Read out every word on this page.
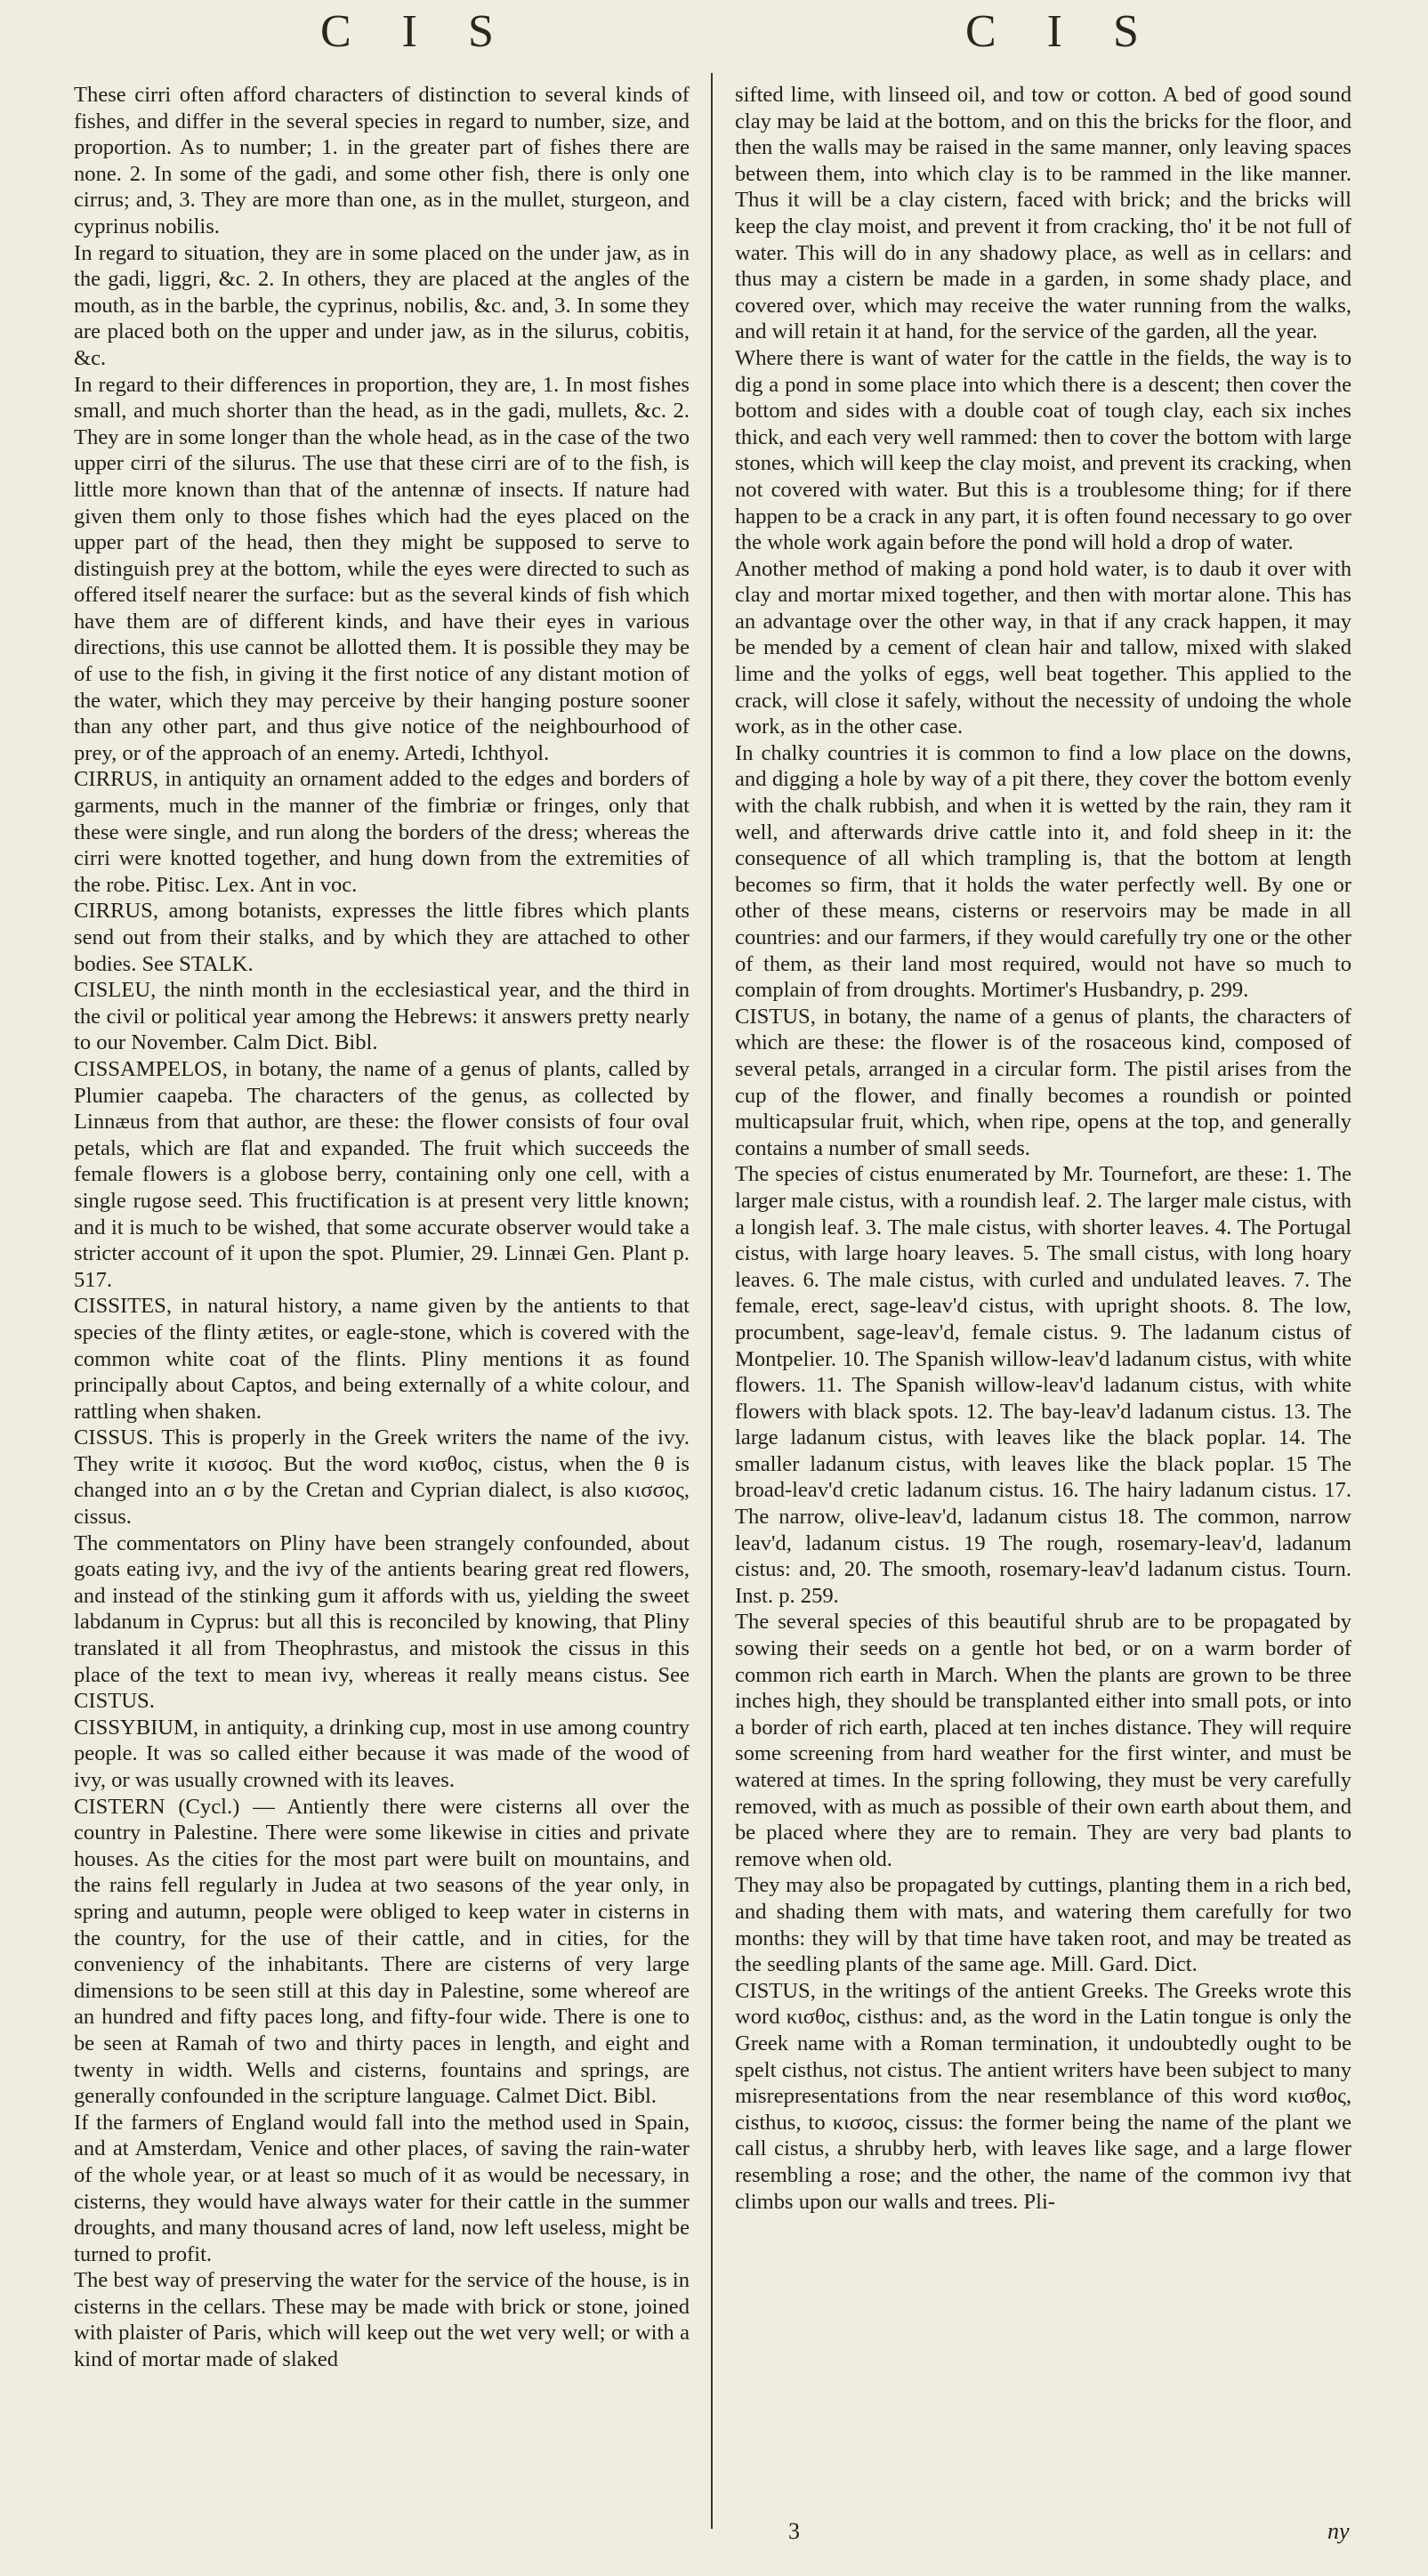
C I S	C I S

These cirri often afford characters of distinction to several kinds of fishes, and differ in the several species in regard to number, size, and proportion. As to number; 1. in the greater part of fishes there are none. 2. In some of the gadi, and some other fish, there is only one cirrus; and, 3. They are more than one, as in the mullet, sturgeon, and cyprinus nobilis.

In regard to situation, they are in some placed on the under jaw, as in the gadi, liggri, &c. 2. In others, they are placed at the angles of the mouth, as in the barble, the cyprinus, nobilis, &c. and, 3. In some they are placed both on the upper and under jaw, as in the silurus, cobitis, &c.

In regard to their differences in proportion, they are, 1. In most fishes small, and much shorter than the head, as in the gadi, mullets, &c. 2. They are in some longer than the whole head, as in the case of the two upper cirri of the silurus. The use that these cirri are of to the fish, is little more known than that of the antennæ of insects. If nature had given them only to those fishes which had the eyes placed on the upper part of the head, then they might be supposed to serve to distinguish prey at the bottom, while the eyes were directed to such as offered itself nearer the surface: but as the several kinds of fish which have them are of different kinds, and have their eyes in various directions, this use cannot be allotted them. It is possible they may be of use to the fish, in giving it the first notice of any distant motion of the water, which they may perceive by their hanging posture sooner than any other part, and thus give notice of the neighbourhood of prey, or of the approach of an enemy. Artedi, Ichthyol.

CIRRUS, in antiquity an ornament added to the edges and borders of garments, much in the manner of the fimbriæ or fringes, only that these were single, and run along the borders of the dress; whereas the cirri were knotted together, and hung down from the extremities of the robe. Pitisc. Lex. Ant in voc.

CIRRUS, among botanists, expresses the little fibres which plants send out from their stalks, and by which they are attached to other bodies. See STALK.

CISLEU, the ninth month in the ecclesiastical year, and the third in the civil or political year among the Hebrews: it answers pretty nearly to our November. Calm Dict. Bibl.

CISSAMPELOS, in botany, the name of a genus of plants, called by Plumier caapeba. The characters of the genus, as collected by Linnæus from that author, are these: the flower consists of four oval petals, which are flat and expanded. The fruit which succeeds the female flowers is a globose berry, containing only one cell, with a single rugose seed. This fructification is at present very little known; and it is much to be wished, that some accurate observer would take a stricter account of it upon the spot. Plumier, 29. Linnæi Gen. Plant p. 517.

CISSITES, in natural history, a name given by the antients to that species of the flinty ætites, or eagle-stone, which is covered with the common white coat of the flints. Pliny mentions it as found principally about Captos, and being externally of a white colour, and rattling when shaken.

CISSUS. This is properly in the Greek writers the name of the ivy. They write it κισσος. But the word κισθος, cistus, when the θ is changed into an σ by the Cretan and Cyprian dialect, is also κισσος, cissus.

The commentators on Pliny have been strangely confounded, about goats eating ivy, and the ivy of the antients bearing great red flowers, and instead of the stinking gum it affords with us, yielding the sweet labdanum in Cyprus: but all this is reconciled by knowing, that Pliny translated it all from Theophrastus, and mistook the cissus in this place of the text to mean ivy, whereas it really means cistus. See CISTUS.

CISSYBIUM, in antiquity, a drinking cup, most in use among country people. It was so called either because it was made of the wood of ivy, or was usually crowned with its leaves.

CISTERN (Cycl.) — Antiently there were cisterns all over the country in Palestine. There were some likewise in cities and private houses. As the cities for the most part were built on mountains, and the rains fell regularly in Judea at two seasons of the year only, in spring and autumn, people were obliged to keep water in cisterns in the country, for the use of their cattle, and in cities, for the conveniency of the inhabitants. There are cisterns of very large dimensions to be seen still at this day in Palestine, some whereof are an hundred and fifty paces long, and fifty-four wide. There is one to be seen at Ramah of two and thirty paces in length, and eight and twenty in width. Wells and cisterns, fountains and springs, are generally confounded in the scripture language. Calmet Dict. Bibl.

If the farmers of England would fall into the method used in Spain, and at Amsterdam, Venice and other places, of saving the rain-water of the whole year, or at least so much of it as would be necessary, in cisterns, they would have always water for their cattle in the summer droughts, and many thousand acres of land, now left useless, might be turned to profit.

The best way of preserving the water for the service of the house, is in cisterns in the cellars. These may be made with brick or stone, joined with plaister of Paris, which will keep out the wet very well; or with a kind of mortar made of slaked

sifted lime, with linseed oil, and tow or cotton. A bed of good sound clay may be laid at the bottom, and on this the bricks for the floor, and then the walls may be raised in the same manner, only leaving spaces between them, into which clay is to be rammed in the like manner. Thus it will be a clay cistern, faced with brick; and the bricks will keep the clay moist, and prevent it from cracking, tho' it be not full of water. This will do in any shadowy place, as well as in cellars: and thus may a cistern be made in a garden, in some shady place, and covered over, which may receive the water running from the walks, and will retain it at hand, for the service of the garden, all the year.

Where there is want of water for the cattle in the fields, the way is to dig a pond in some place into which there is a descent; then cover the bottom and sides with a double coat of tough clay, each six inches thick, and each very well rammed: then to cover the bottom with large stones, which will keep the clay moist, and prevent its cracking, when not covered with water. But this is a troublesome thing; for if there happen to be a crack in any part, it is often found necessary to go over the whole work again before the pond will hold a drop of water.

Another method of making a pond hold water, is to daub it over with clay and mortar mixed together, and then with mortar alone. This has an advantage over the other way, in that if any crack happen, it may be mended by a cement of clean hair and tallow, mixed with slaked lime and the yolks of eggs, well beat together. This applied to the crack, will close it safely, without the necessity of undoing the whole work, as in the other case.

In chalky countries it is common to find a low place on the downs, and digging a hole by way of a pit there, they cover the bottom evenly with the chalk rubbish, and when it is wetted by the rain, they ram it well, and afterwards drive cattle into it, and fold sheep in it: the consequence of all which trampling is, that the bottom at length becomes so firm, that it holds the water perfectly well. By one or other of these means, cisterns or reservoirs may be made in all countries: and our farmers, if they would carefully try one or the other of them, as their land most required, would not have so much to complain of from droughts. Mortimer's Husbandry, p. 299.

CISTUS, in botany, the name of a genus of plants, the characters of which are these: the flower is of the rosaceous kind, composed of several petals, arranged in a circular form. The pistil arises from the cup of the flower, and finally becomes a roundish or pointed multicapsular fruit, which, when ripe, opens at the top, and generally contains a number of small seeds.

The species of cistus enumerated by Mr. Tournefort, are these: 1. The larger male cistus, with a roundish leaf. 2. The larger male cistus, with a longish leaf. 3. The male cistus, with shorter leaves. 4. The Portugal cistus, with large hoary leaves. 5. The small cistus, with long hoary leaves. 6. The male cistus, with curled and undulated leaves. 7. The female, erect, sage-leav'd cistus, with upright shoots. 8. The low, procumbent, sage-leav'd, female cistus. 9. The ladanum cistus of Montpelier. 10. The Spanish willow-leav'd ladanum cistus, with white flowers. 11. The Spanish willow-leav'd ladanum cistus, with white flowers with black spots. 12. The bay-leav'd ladanum cistus. 13. The large ladanum cistus, with leaves like the black poplar. 14. The smaller ladanum cistus, with leaves like the black poplar. 15 The broad-leav'd cretic ladanum cistus. 16. The hairy ladanum cistus. 17. The narrow, olive-leav'd, ladanum cistus 18. The common, narrow leav'd, ladanum cistus. 19 The rough, rosemary-leav'd, ladanum cistus: and, 20. The smooth, rosemary-leav'd ladanum cistus. Tourn. Inst. p. 259.

The several species of this beautiful shrub are to be propagated by sowing their seeds on a gentle hot bed, or on a warm border of common rich earth in March. When the plants are grown to be three inches high, they should be transplanted either into small pots, or into a border of rich earth, placed at ten inches distance. They will require some screening from hard weather for the first winter, and must be watered at times. In the spring following, they must be very carefully removed, with as much as possible of their own earth about them, and be placed where they are to remain. They are very bad plants to remove when old.

They may also be propagated by cuttings, planting them in a rich bed, and shading them with mats, and watering them carefully for two months: they will by that time have taken root, and may be treated as the seedling plants of the same age. Mill. Gard. Dict.

CISTUS, in the writings of the antient Greeks. The Greeks wrote this word κισθος, cisthus: and, as the word in the Latin tongue is only the Greek name with a Roman termination, it undoubtedly ought to be spelt cisthus, not cistus. The antient writers have been subject to many misrepresentations from the near resemblance of this word κισθος, cisthus, to κισσος, cissus: the former being the name of the plant we call cistus, a shrubby herb, with leaves like sage, and a large flower resembling a rose; and the other, the name of the common ivy that climbs upon our walls and trees. Pli-

3	ny
